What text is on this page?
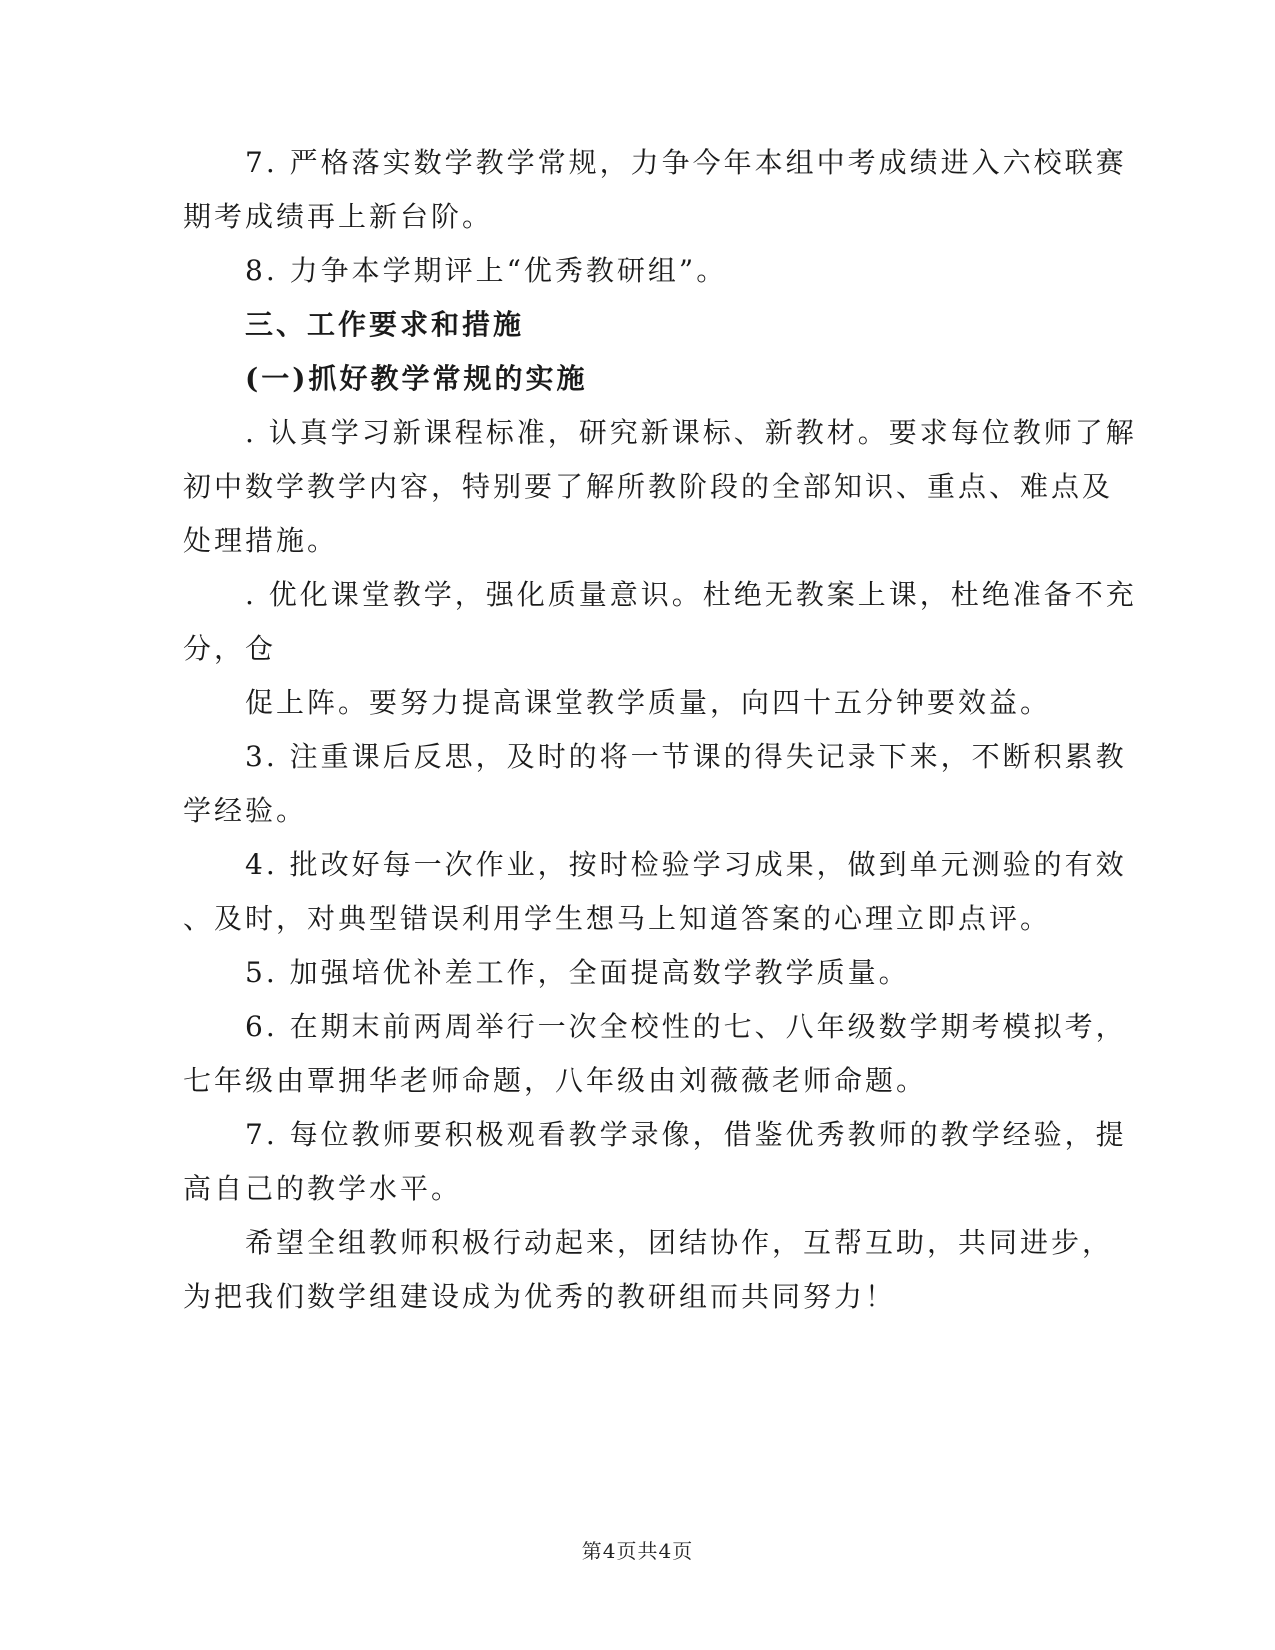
7. 严格落实数学教学常规，力争今年本组中考成绩进入六校联赛
期考成绩再上新台阶。
8. 力争本学期评上“优秀教研组”。
三、工作要求和措施
(一)抓好教学常规的实施
. 认真学习新课程标准，研究新课标、新教材。要求每位教师了解
初中数学教学内容，特别要了解所教阶段的全部知识、重点、难点及
处理措施。
. 优化课堂教学，强化质量意识。杜绝无教案上课，杜绝准备不充
分，仓
促上阵。要努力提高课堂教学质量，向四十五分钟要效益。
3. 注重课后反思，及时的将一节课的得失记录下来，不断积累教
学经验。
4. 批改好每一次作业，按时检验学习成果，做到单元测验的有效
、及时，对典型错误利用学生想马上知道答案的心理立即点评。
5. 加强培优补差工作，全面提高数学教学质量。
6. 在期末前两周举行一次全校性的七、八年级数学期考模拟考，
七年级由覃拥华老师命题，八年级由刘薇薇老师命题。
7. 每位教师要积极观看教学录像，借鉴优秀教师的教学经验，提
高自己的教学水平。
希望全组教师积极行动起来，团结协作，互帮互助，共同进步，
为把我们数学组建设成为优秀的教研组而共同努力！
第4页共4页
